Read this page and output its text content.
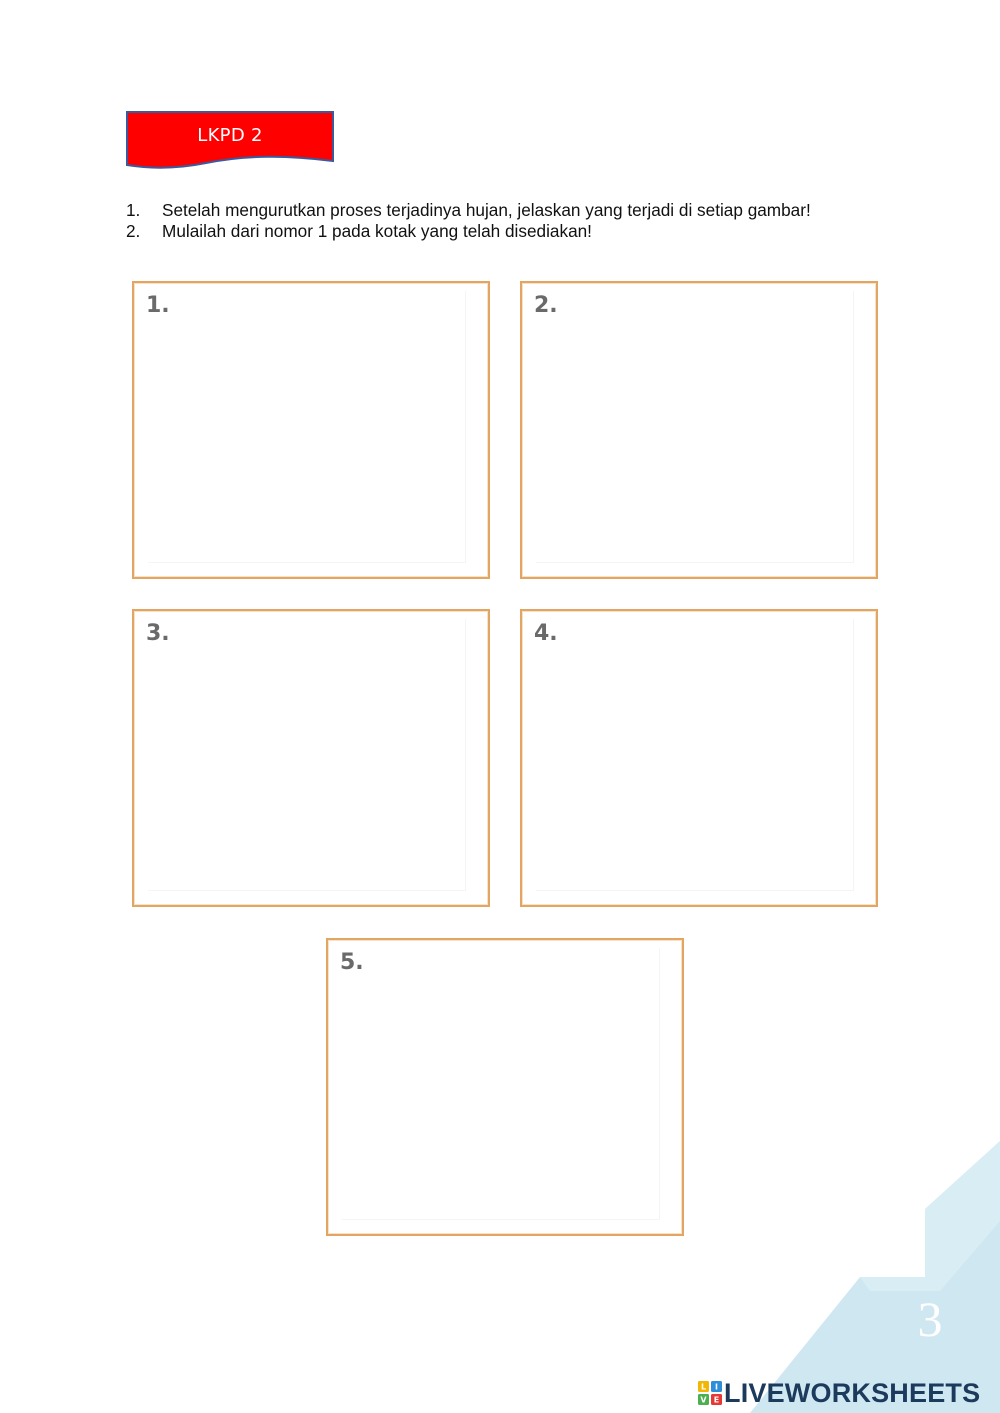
LKPD 2
1.	Setelah mengurutkan proses terjadinya hujan, jelaskan yang terjadi di setiap gambar!
2.	Mulailah dari nomor 1 pada kotak yang telah disediakan!
1.	2.
3.	4.
5.
3
L I
V E LIVEWORKSHEETS
